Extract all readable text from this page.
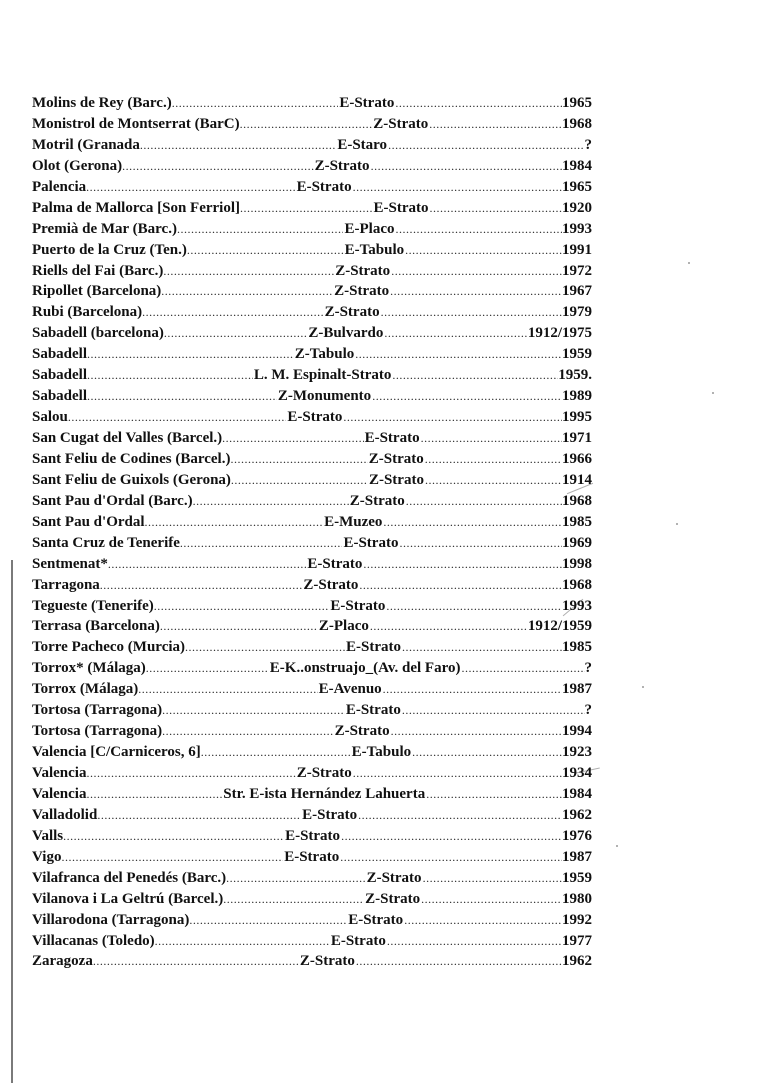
Molins de Rey (Barc.) .....	E-Strato .....	1965
Monistrol de Montserrat (BarC) .....	Z-Strato .....	1968
Motril (Granada .....	E-Staro .....	?
Olot (Gerona) .....	Z-Strato .....	1984
Palencia .....	E-Strato .....	1965
Palma de Mallorca [Son Ferriol] .....	E-Strato .....	1920
Premià de Mar (Barc.) .....	E-Placo .....	1993
Puerto de la Cruz (Ten.) .....	E-Tabulo .....	1991
Riells del Fai (Barc.) .....	Z-Strato .....	1972
Ripollet (Barcelona) .....	Z-Strato .....	1967
Rubi (Barcelona) .....	Z-Strato .....	1979
Sabadell (barcelona) .....	Z-Bulvardo .....	1912/1975
Sabadell .....	Z-Tabulo .....	1959
Sabadell .....	L. M. Espinalt-Strato .....	1959.
Sabadell .....	Z-Monumento .....	1989
Salou .....	E-Strato .....	1995
San Cugat del Valles (Barcel.) .....	E-Strato .....	1971
Sant Feliu de Codines (Barcel.) .....	Z-Strato .....	1966
Sant Feliu de Guixols (Gerona) .....	Z-Strato .....	1914
Sant Pau d'Ordal (Barc.) .....	Z-Strato .....	1968
Sant Pau d'Ordal .....	E-Muzeo .....	1985
Santa Cruz de Tenerife .....	E-Strato .....	1969
Sentmenat* .....	E-Strato .....	1998
Tarragona .....	Z-Strato .....	1968
Tegueste (Tenerife) .....	E-Strato .....	1993
Terrasa (Barcelona) .....	Z-Placo .....	1912/1959
Torre Pacheco (Murcia) .....	E-Strato .....	1985
Torrox* (Málaga) .....	E-K..onstruajo_(Av. del Faro) .....	?
Torrox (Málaga) .....	E-Avenuo .....	1987
Tortosa (Tarragona) .....	E-Strato .....	?
Tortosa (Tarragona) .....	Z-Strato .....	1994
Valencia [C/Carniceros, 6] .....	E-Tabulo .....	1923
Valencia .....	Z-Strato .....	1934
Valencia .....	Str. E-ista Hernández Lahuerta .....	1984
Valladolid .....	E-Strato .....	1962
Valls .....	E-Strato .....	1976
Vigo .....	E-Strato .....	1987
Vilafranca del Penedés (Barc.) .....	Z-Strato .....	1959
Vilanova i La Geltrú (Barcel.) .....	Z-Strato .....	1980
Villarodona (Tarragona) .....	E-Strato .....	1992
Villacanas (Toledo) .....	E-Strato .....	1977
Zaragoza .....	Z-Strato .....	1962
